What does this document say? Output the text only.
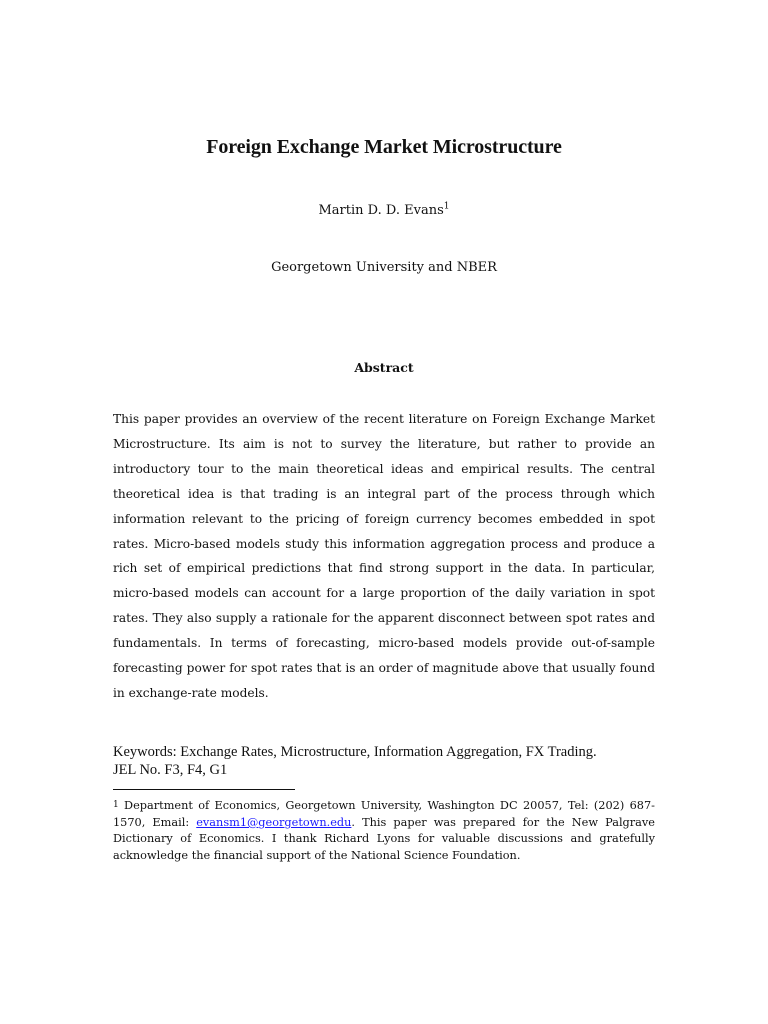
Foreign Exchange Market Microstructure
Martin D. D. Evans$^1$
Georgetown University and NBER
Abstract

This paper provides an overview of the recent literature on Foreign Exchange Market Microstructure. Its aim is not to survey the literature, but rather to provide an introductory tour to the main theoretical ideas and empirical results. The central theoretical idea is that trading is an integral part of the process through which information relevant to the pricing of foreign currency becomes embedded in spot rates. Micro-based models study this information aggregation process and produce a rich set of empirical predictions that find strong support in the data. In particular, micro-based models can account for a large proportion of the daily variation in spot rates. They also supply a rationale for the apparent disconnect between spot rates and fundamentals. In terms of forecasting, micro-based models provide out-of-sample forecasting power for spot rates that is an order of magnitude above that usually found in exchange-rate models.

Keywords: Exchange Rates, Microstructure, Information Aggregation, FX Trading.
JEL No. F3, F4, G1

1 Department of Economics, Georgetown University, Washington DC 20057, Tel: (202) 687-1570, Email: evansm1@georgetown.edu. This paper was prepared for the New Palgrave Dictionary of Economics. I thank Richard Lyons for valuable discussions and gratefully acknowledge the financial support of the National Science Foundation.
